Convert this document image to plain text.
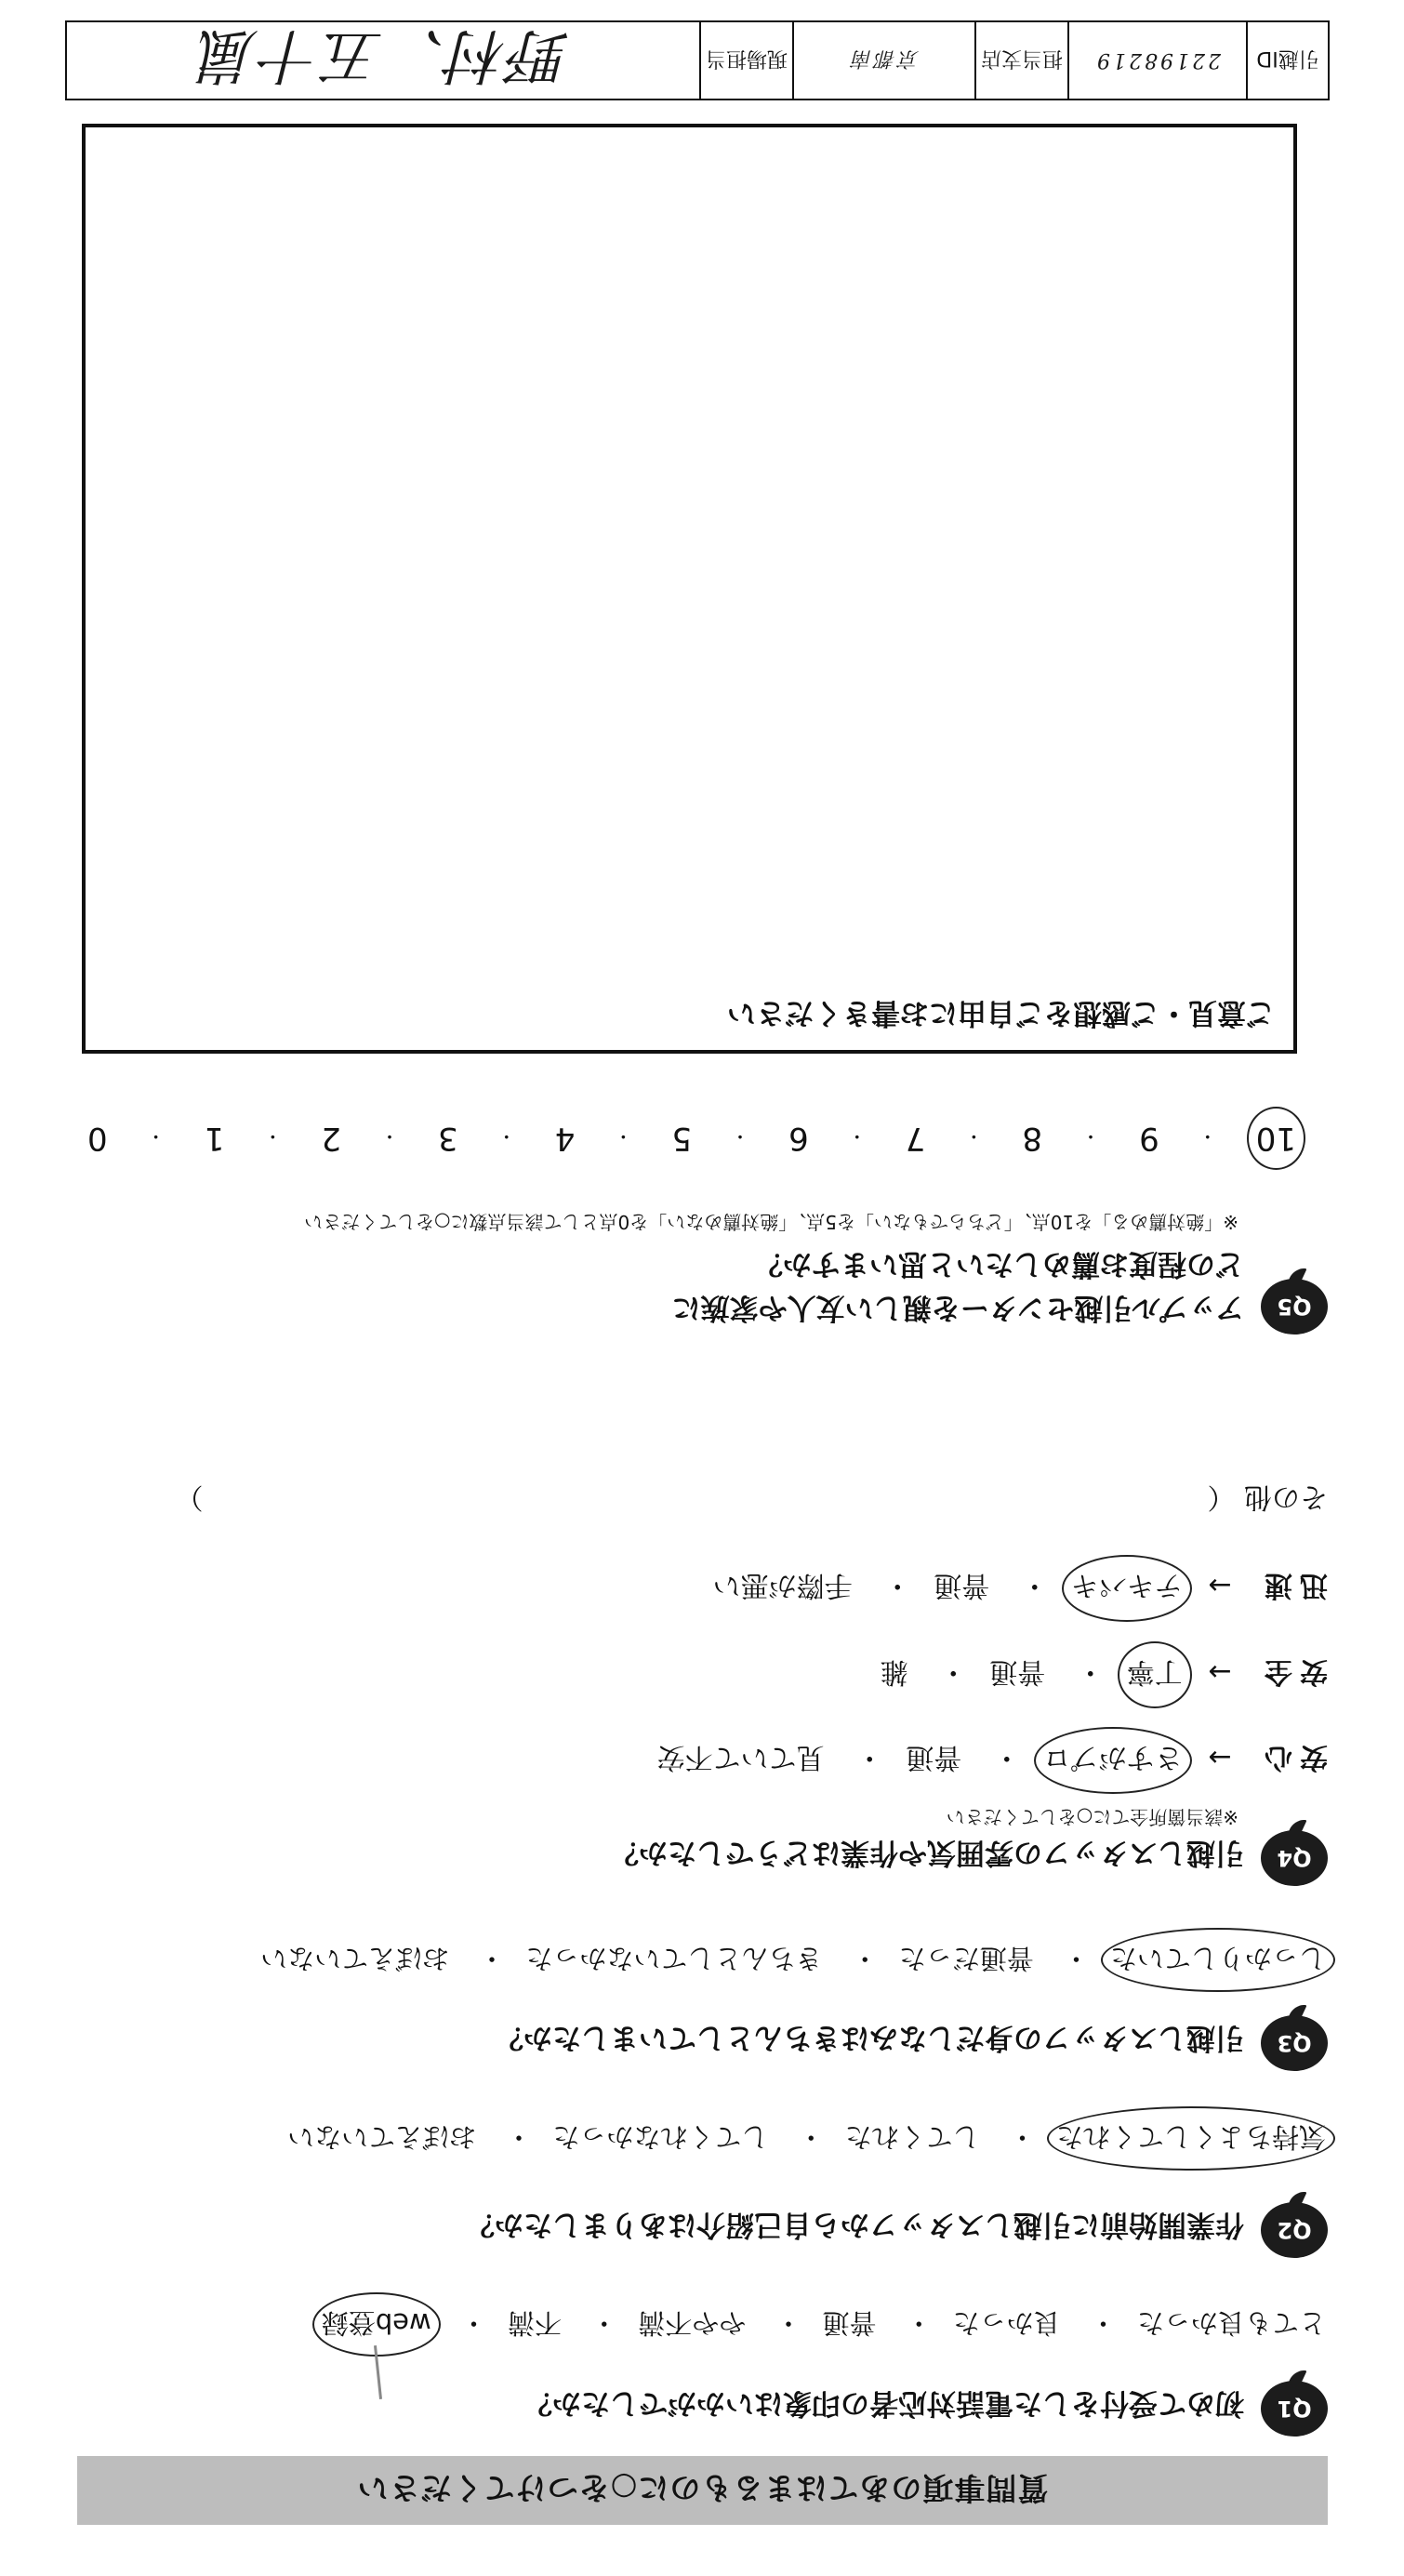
質問事項のあてはまるものに○をつけてください
Q1
初めて受付をした電話対応者の印象はいかがでしたか？
とても良かった・ 良かった・ 普通・ やや不満・ 不満・ web登録
Q2
作業開始前に引越しスタッフから自己紹介はありましたか？
気持ちよくしてくれた・ してくれた・ してくれなかった・ おぼえていない
Q3
引越しスタッフの身だしなみはきちんとしていましたか？
しっかりしていた・ 普通だった・ きちんとしていなかった・ おぼえていない
Q4
引越しスタッフの雰囲気や作業はどうでしたか？
※該当箇所全てに○をしてください
安心 → さすがプロ・ 普通・ 見ていて不安
安全 → 丁寧・ 普通・ 雑
迅速 → テキパキ・ 普通・ 手際が悪い
その他 （）
Q5
アップル引越センターを親しい友人や家族に
どの程度お薦めしたいと思いますか？
※「絶対薦める」を10点、「どちらでもない」を5点、「絶対薦めない」を0点として該当点数に○をしてください
10
・
9
・
8
・
7
・
6
・
5
・
4
・
3
・
2
・
1
・
0
ご意見・ご感想をご自由にお書きください
引越ID
22198219
担当支店
京都南
現場担当
野村、五十嵐
